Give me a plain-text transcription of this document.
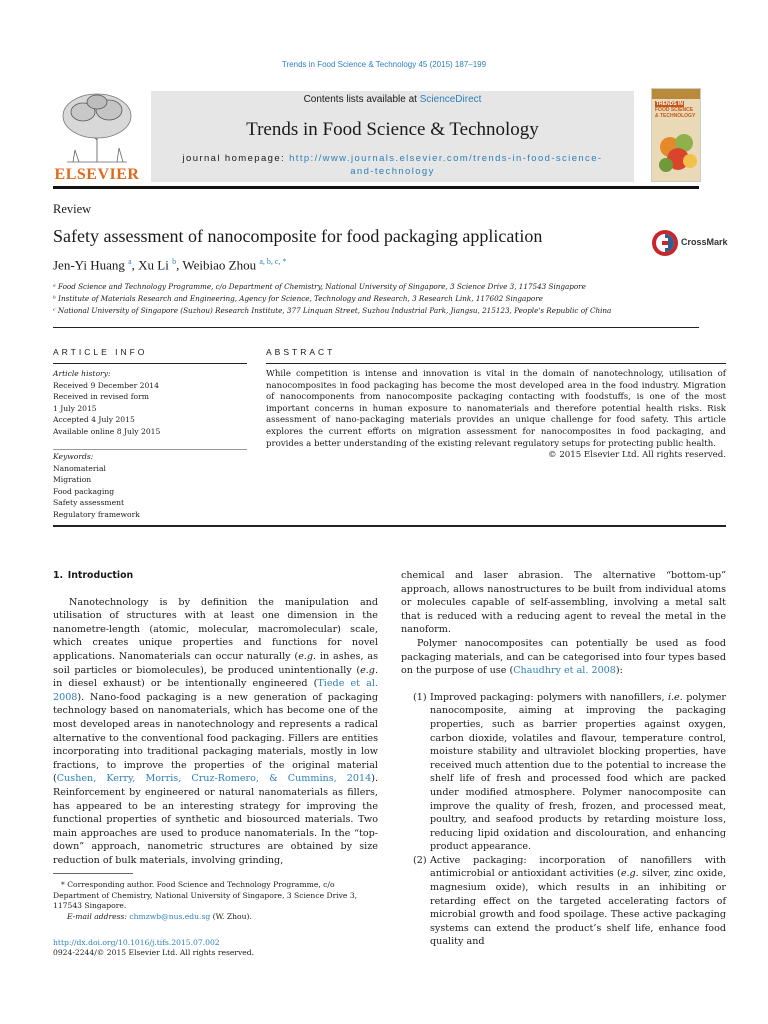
Trends in Food Science & Technology 45 (2015) 187–199
ELSEVIER
Contents lists available at ScienceDirect
Trends in Food Science & Technology
journal homepage: http://www.journals.elsevier.com/trends-in-food-science-
and-technology
TRENDS IN
FOOD SCIENCE
& TECHNOLOGY
Review
Safety assessment of nanocomposite for food packaging application	CrossMark
Jen-Yi Huang $^a$, Xu Li $^b$, Weibiao Zhou $^{a, b, c, *}$
ᵃ Food Science and Technology Programme, c/o Department of Chemistry, National University of Singapore, 3 Science Drive 3, 117543 Singapore
ᵇ Institute of Materials Research and Engineering, Agency for Science, Technology and Research, 3 Research Link, 117602 Singapore
ᶜ National University of Singapore (Suzhou) Research Institute, 377 Linquan Street, Suzhou Industrial Park, Jiangsu, 215123, People's Republic of China
ARTICLE INFO
Article history:
Received 9 December 2014
Received in revised form
1 July 2015
Accepted 4 July 2015
Available online 8 July 2015
Keywords:
Nanomaterial
Migration
Food packaging
Safety assessment
Regulatory framework
ABSTRACT
While competition is intense and innovation is vital in the domain of nanotechnology, utilisation of nanocomposites in food packaging has become the most developed area in the food industry. Migration of nanocomponents from nanocomposite packaging contacting with foodstuffs, is one of the most important concerns in human exposure to nanomaterials and therefore potential health risks. Risk assessment of nano-packaging materials provides an unique challenge for food safety. This article explores the current efforts on migration assessment for nanocomposites in food packaging, and provides a better understanding of the existing relevant regulatory setups for protecting public health.
© 2015 Elsevier Ltd. All rights reserved.

1. Introduction

Nanotechnology is by definition the manipulation and utilisation of structures with at least one dimension in the nanometre-length (atomic, molecular, macromolecular) scale, which creates unique properties and functions for novel applications. Nanomaterials can occur naturally (e.g. in ashes, as soil particles or biomolecules), be produced unintentionally (e.g. in diesel exhaust) or be intentionally engineered (Tiede et al. 2008). Nano-food packaging is a new generation of packaging technology based on nanomaterials, which has become one of the most developed areas in nanotechnology and represents a radical alternative to the conventional food packaging. Fillers are entities incorporating into traditional packaging materials, mostly in low fractions, to improve the properties of the original material (Cushen, Kerry, Morris, Cruz-Romero, & Cummins, 2014). Reinforcement by engineered or natural nanomaterials as fillers, has appeared to be an interesting strategy for improving the functional properties of synthetic and biosourced materials. Two main approaches are used to produce nanomaterials. In the “top-down” approach, nanometric structures are obtained by size reduction of bulk materials, involving grinding,

chemical and laser abrasion. The alternative “bottom-up” approach, allows nanostructures to be built from individual atoms or molecules capable of self-assembling, involving a metal salt that is reduced with a reducing agent to reveal the metal in the nanoform.

Polymer nanocomposites can potentially be used as food packaging materials, and can be categorised into four types based on the purpose of use (Chaudhry et al. 2008):

(1) Improved packaging: polymers with nanofillers, i.e. polymer nanocomposite, aiming at improving the packaging properties, such as barrier properties against oxygen, carbon dioxide, volatiles and flavour, temperature control, moisture stability and ultraviolet blocking properties, have received much attention due to the potential to increase the shelf life of fresh and processed food which are packed under modified atmosphere. Polymer nanocomposite can improve the quality of fresh, frozen, and processed meat, poultry, and seafood products by retarding moisture loss, reducing lipid oxidation and discolouration, and enhancing product appearance.

(2) Active packaging: incorporation of nanofillers with antimicrobial or antioxidant activities (e.g. silver, zinc oxide, magnesium oxide), which results in an inhibiting or retarding effect on the targeted accelerating factors of microbial growth and food spoilage. These active packaging systems can extend the product’s shelf life, enhance food quality and

* Corresponding author. Food Science and Technology Programme, c/o Department of Chemistry, National University of Singapore, 3 Science Drive 3, 117543 Singapore.
E-mail address: chmzwb@nus.edu.sg (W. Zhou).
http://dx.doi.org/10.1016/j.tifs.2015.07.002
0924-2244/© 2015 Elsevier Ltd. All rights reserved.
